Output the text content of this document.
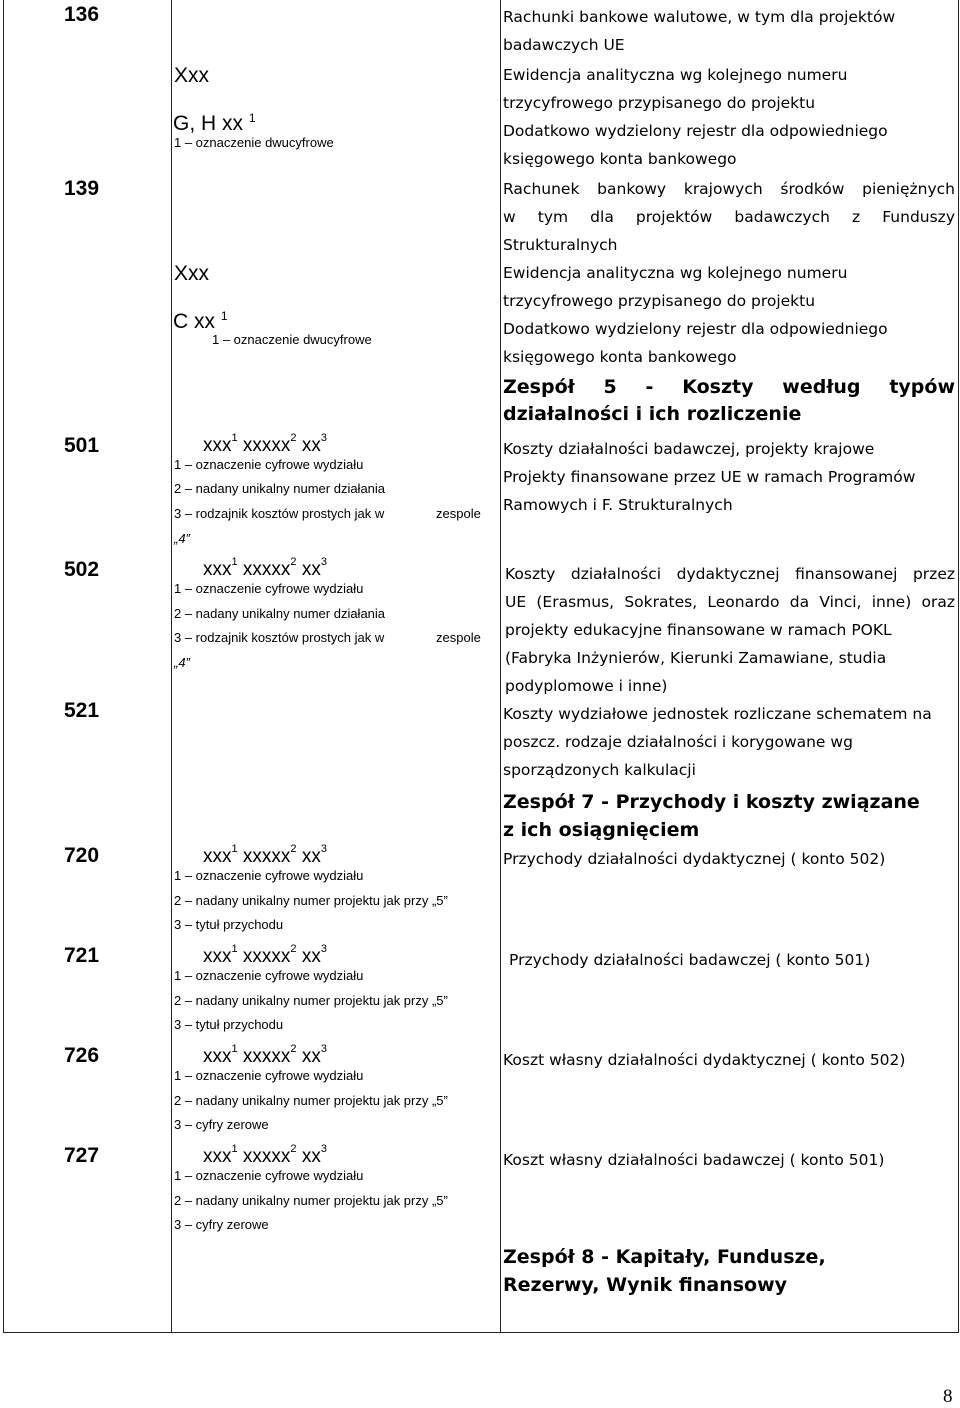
Rachunki bankowe walutowe, w tym dla projektów
badawczych UE
Ewidencja analityczna wg kolejnego numeru
trzycyfrowego przypisanego do projektu
Dodatkowo wydzielony rejestr dla odpowiedniego
księgowego konta bankowego
Rachunek bankowy krajowych środków pieniężnych
w tym dla projektów badawczych z Funduszy
Strukturalnych
Ewidencja analityczna wg kolejnego numeru
trzycyfrowego przypisanego do projektu
Dodatkowo wydzielony rejestr dla odpowiedniego
księgowego konta bankowego
Koszty działalności badawczej, projekty krajowe
Projekty finansowane przez UE w ramach Programów
Ramowych i F. Strukturalnych
Koszty działalności dydaktycznej finansowanej przez
UE (Erasmus, Sokrates, Leonardo da Vinci, inne) oraz
projekty edukacyjne finansowane w ramach POKL
(Fabryka Inżynierów, Kierunki Zamawiane, studia
podyplomowe i inne)
Koszty wydziałowe jednostek rozliczane schematem na
poszcz. rodzaje działalności i korygowane wg
sporządzonych kalkulacji
Przychody działalności dydaktycznej ( konto 502)
Przychody działalności badawczej ( konto 501)
Koszt własny działalności dydaktycznej ( konto 502)
Koszt własny działalności badawczej ( konto 501)
Zespół 5 - Koszty według typów
działalności i ich rozliczenie
Zespół 7 - Przychody i koszty związane
z ich osiągnięciem
Zespół 8 - Kapitały, Fundusze,
Rezerwy, Wynik finansowy
136
139
501
502
521
720
721
726
727
Xxx
G, H xx $^1$
1 – oznaczenie dwucyfrowe
Xxx
C xx $^1$
1 – oznaczenie dwucyfrowe
xxx$^1$ xxxxx$^2$ $xx^3$
1 – oznaczenie cyfrowe wydziału
2 – nadany unikalny numer działania
3 – rodzajnik kosztów prostych jak w	zespole
„4”
xxx$^1$ xxxxx$^2$ $xx^3$
1 – oznaczenie cyfrowe wydziału
2 – nadany unikalny numer działania
3 – rodzajnik kosztów prostych jak w	zespole
„4”
xxx$^1$ xxxxx$^2$ $xx^3$
1 – oznaczenie cyfrowe wydziału
2 – nadany unikalny numer projektu jak przy „5”
3 – tytuł przychodu
xxx$^1$ xxxxx$^2$ $xx^3$
1 – oznaczenie cyfrowe wydziału
2 – nadany unikalny numer projektu jak przy „5”
3 – tytuł przychodu
xxx$^1$ xxxxx$^2$ $xx^3$
1 – oznaczenie cyfrowe wydziału
2 – nadany unikalny numer projektu jak przy „5”
3 – cyfry zerowe
xxx$^1$ xxxxx$^2$ $xx^3$
1 – oznaczenie cyfrowe wydziału
2 – nadany unikalny numer projektu jak przy „5”
3 – cyfry zerowe
8
